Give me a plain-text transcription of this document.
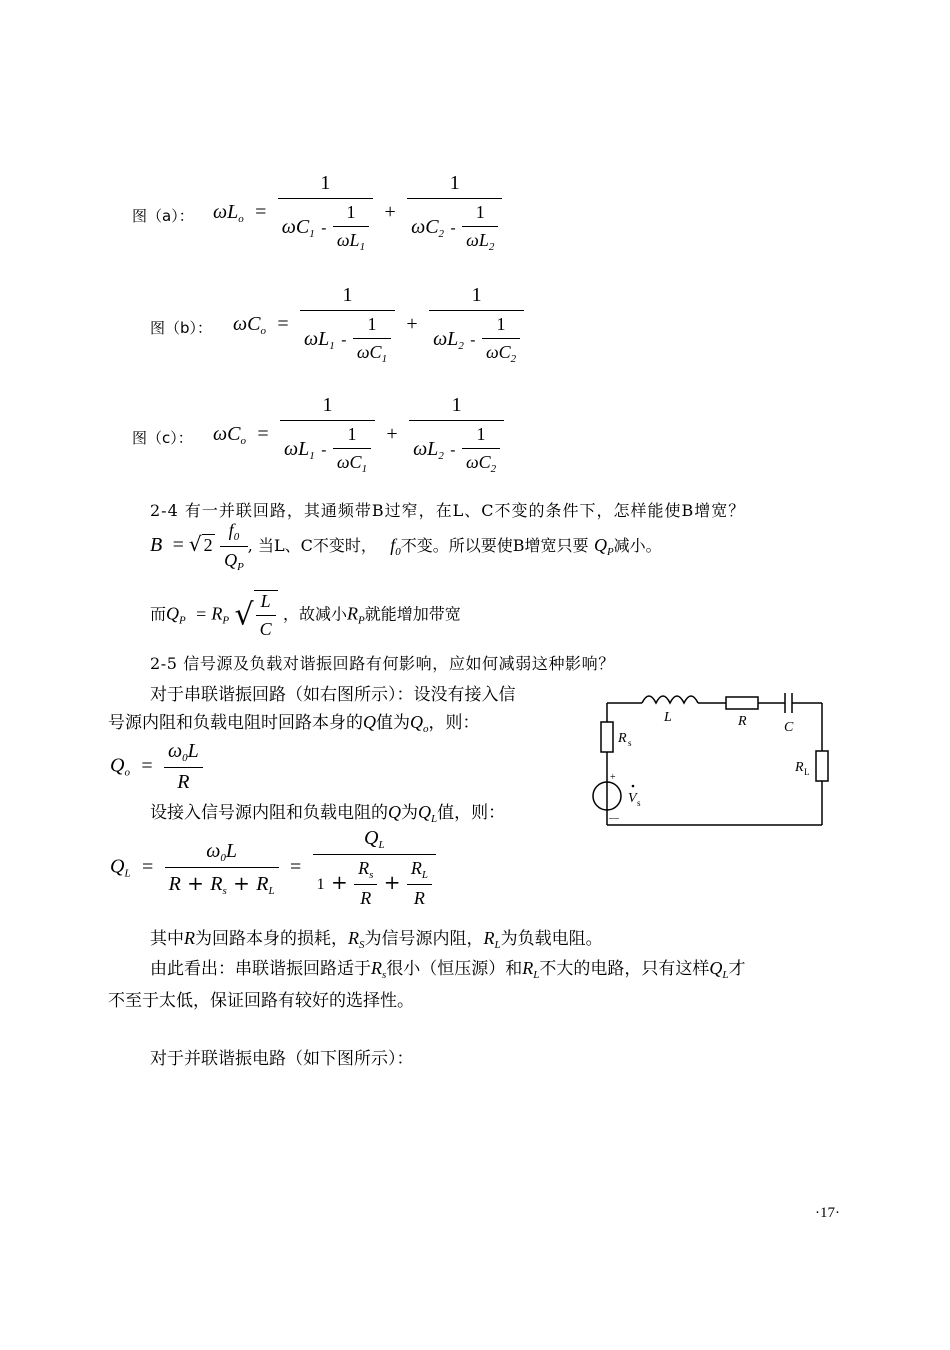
图（a）： $\omega L_o = \frac{1}{\omega C_1 - \frac{1}{\omega L_1}} + \frac{1}{\omega C_2 - \frac{1}{\omega L_2}}$
图（b）： $\omega C_o = \frac{1}{\omega L_1 - \frac{1}{\omega C_1}} + \frac{1}{\omega L_2 - \frac{1}{\omega C_2}}$
图（c）： $\omega C_o = \frac{1}{\omega L_1 - \frac{1}{\omega C_1}} + \frac{1}{\omega L_2 - \frac{1}{\omega C_2}}$
2-4 有一并联回路，其通频带B过窄，在L、C不变的条件下，怎样能使B增宽？
B = √ $2 \frac{f_0}{Q_P}$ , 当L、C不变时， $f_0$不变。所以要使B增宽只要 $Q_P$减小。
而$Q_P = R_P$ √ $\frac{L}{C}$ ，故减小$R_P$就能增加带宽
2-5 信号源及负载对谐振回路有何影响，应如何减弱这种影响？
对于串联谐振回路（如右图所示）：设没有接入信
号源内阻和负载电阻时回路本身的Q值为$Q_o$，则：
$Q_o = \frac{\omega_0L}{R}$
设接入信号源内阻和负载电阻的Q为$Q_L$值，则：
$Q_L = \frac{\omega_0L}{R + R_s + R_L} = \frac{Q_L}{1 + \frac{R_s}{R} + \frac{R_L}{R}}$
其中R为回路本身的损耗，$R_S$为信号源内阻，$R_L$为负载电阻。
由此看出：串联谐振回路适于$R_s$很小（恒压源）和$R_L$不大的电路，只有这样$Q_L$才
不至于太低，保证回路有较好的选择性。
对于并联谐振电路（如下图所示）：
L	R	C
R s
R L
V s
+
—
·17·
